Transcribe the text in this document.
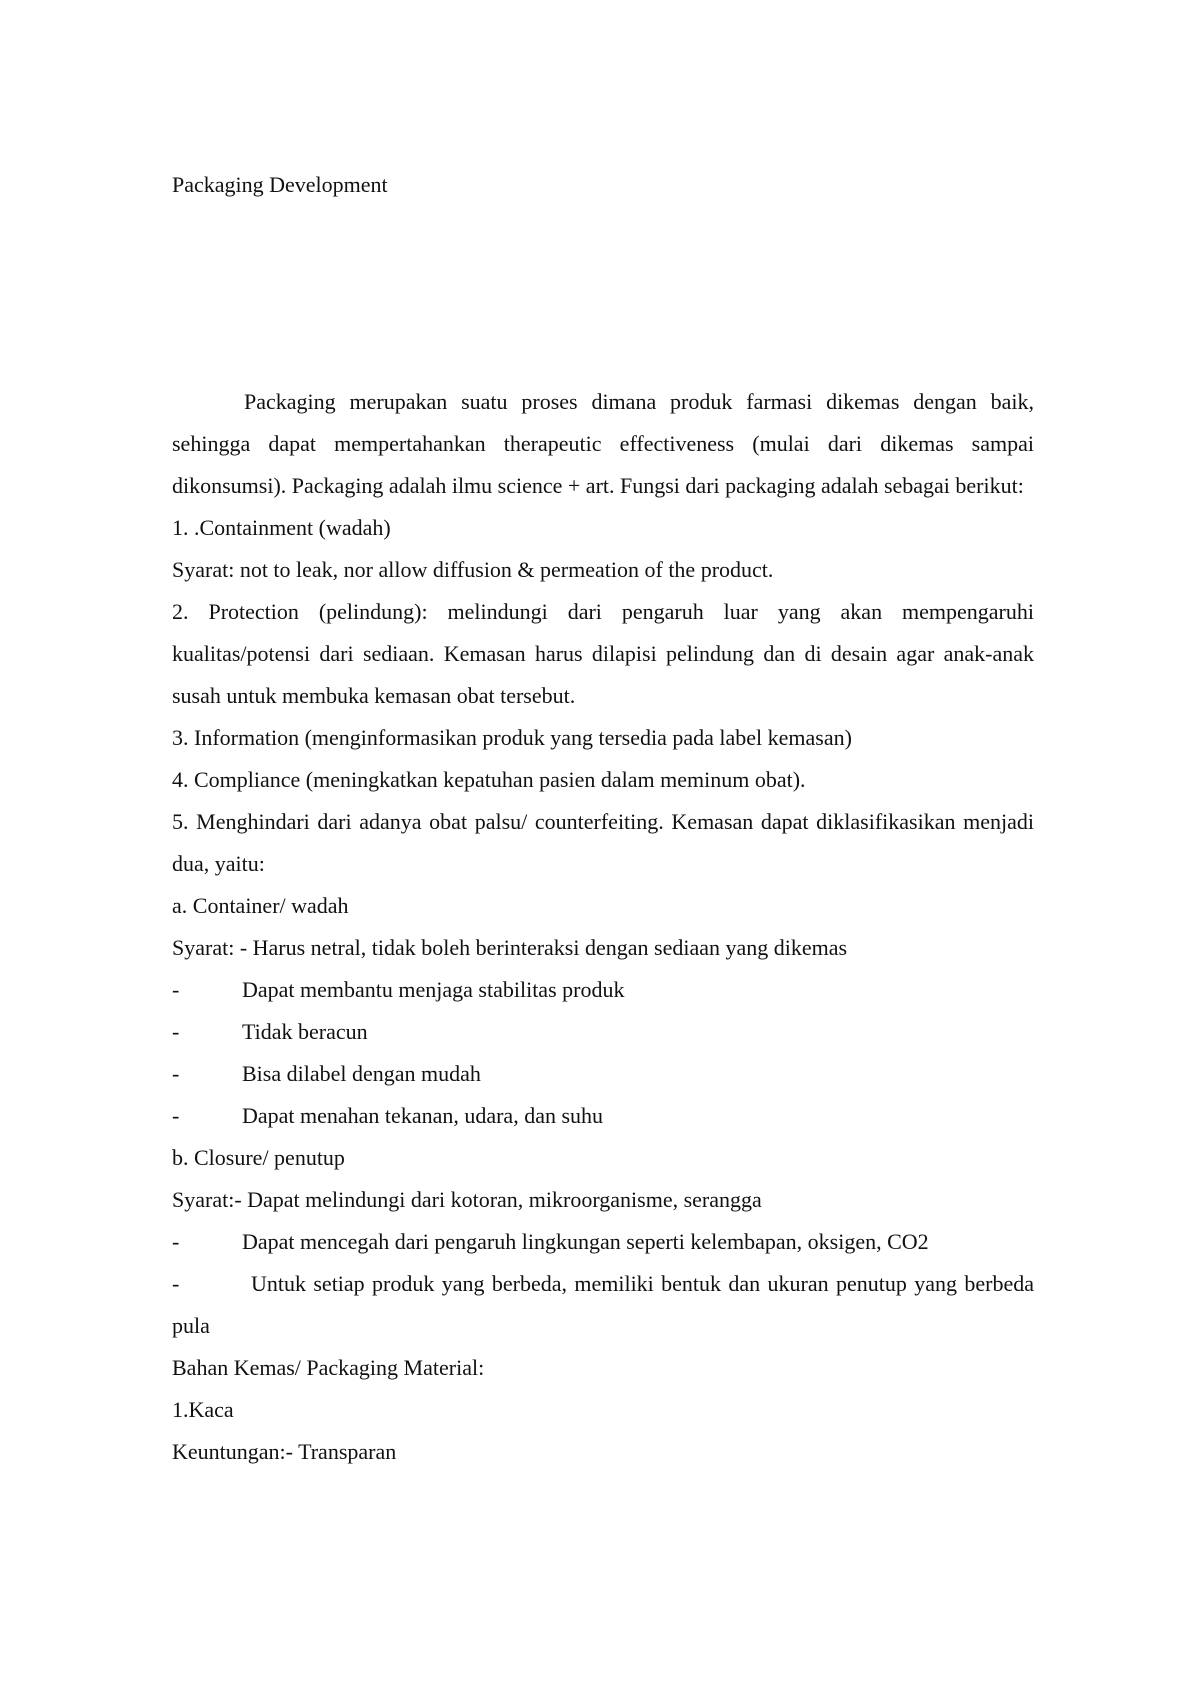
Packaging Development

Packaging merupakan suatu proses dimana produk farmasi dikemas dengan baik, sehingga dapat mempertahankan therapeutic effectiveness (mulai dari dikemas sampai dikonsumsi). Packaging adalah ilmu science + art. Fungsi dari packaging adalah sebagai berikut:

1. .Containment (wadah)

Syarat: not to leak, nor allow diffusion & permeation of the product.

2. Protection (pelindung): melindungi dari pengaruh luar yang akan mempengaruhi kualitas/potensi dari sediaan. Kemasan harus dilapisi pelindung dan di desain agar anak-anak susah untuk membuka kemasan obat tersebut.

3. Information (menginformasikan produk yang tersedia pada label kemasan)

4. Compliance (meningkatkan kepatuhan pasien dalam meminum obat).

5. Menghindari dari adanya obat palsu/ counterfeiting. Kemasan dapat diklasifikasikan menjadi dua, yaitu:

a. Container/ wadah

Syarat: - Harus netral, tidak boleh berinteraksi dengan sediaan yang dikemas

-	Dapat membantu menjaga stabilitas produk
-	Tidak beracun
-	Bisa dilabel dengan mudah
-	Dapat menahan tekanan, udara, dan suhu

b. Closure/ penutup

Syarat:- Dapat melindungi dari kotoran, mikroorganisme, serangga

-	Dapat mencegah dari pengaruh lingkungan seperti kelembapan, oksigen, CO2

-	Untuk setiap produk yang berbeda, memiliki bentuk dan ukuran penutup yang berbeda pula

Bahan Kemas/ Packaging Material:

1.Kaca

Keuntungan:- Transparan
